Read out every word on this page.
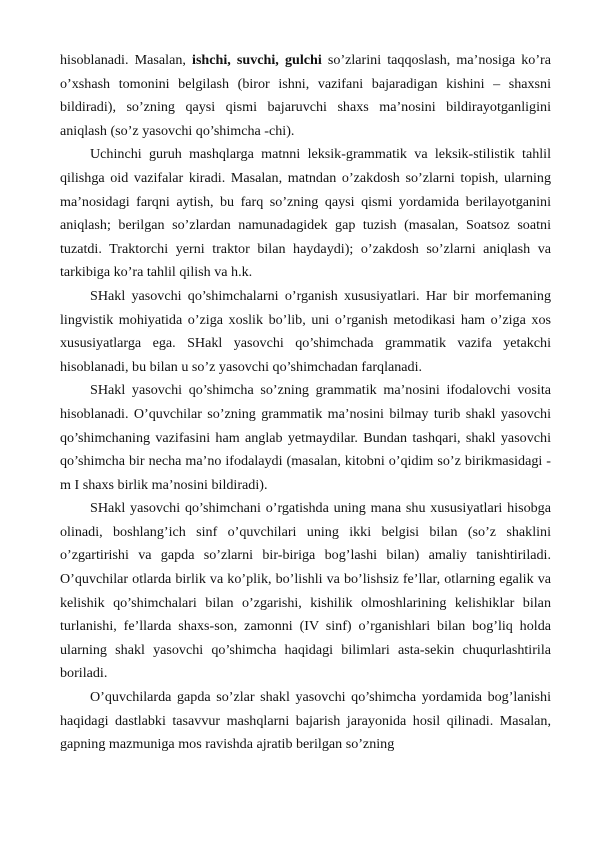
hisoblanadi. Masalan, ishchi, suvchi, gulchi so’zlarini taqqoslash, ma’nosiga ko’ra o’xshash tomonini belgilash (biror ishni, vazifani bajaradigan kishini – shaxsni bildiradi), so’zning qaysi qismi bajaruvchi shaxs ma’nosini bildirayotganligini aniqlash (so’z yasovchi qo’shimcha -chi).

Uchinchi guruh mashqlarga matnni leksik-grammatik va leksik-stilistik tahlil qilishga oid vazifalar kiradi. Masalan, matndan o’zakdosh so’zlarni topish, ularning ma’nosidagi farqni aytish, bu farq so’zning qaysi qismi yordamida berilayotganini aniqlash; berilgan so’zlardan namunadagidek gap tuzish (masalan, Soatsoz soatni tuzatdi. Traktorchi yerni traktor bilan haydaydi); o’zakdosh so’zlarni aniqlash va tarkibiga ko’ra tahlil qilish va h.k.

SHakl yasovchi qo’shimchalarni o’rganish xususiyatlari. Har bir morfemaning lingvistik mohiyatida o’ziga xoslik bo’lib, uni o’rganish metodikasi ham o’ziga xos xususiyatlarga ega. SHakl yasovchi qo’shimchada grammatik vazifa yetakchi hisoblanadi, bu bilan u so’z yasovchi qo’shimchadan farqlanadi.

SHakl yasovchi qo’shimcha so’zning grammatik ma’nosini ifodalovchi vosita hisoblanadi. O’quvchilar so’zning grammatik ma’nosini bilmay turib shakl yasovchi qo’shimchaning vazifasini ham anglab yetmaydilar. Bundan tashqari, shakl yasovchi qo’shimcha bir necha ma’no ifodalaydi (masalan, kitobni o’qidim so’z birikmasidagi -m I shaxs birlik ma’nosini bildiradi).

SHakl yasovchi qo’shimchani o’rgatishda uning mana shu xususiyatlari hisobga olinadi, boshlang’ich sinf o’quvchilari uning ikki belgisi bilan (so’z shaklini o’zgartirishi va gapda so’zlarni bir-biriga bog’lashi bilan) amaliy tanishtiriladi. O’quvchilar otlarda birlik va ko’plik, bo’lishli va bo’lishsiz fe’llar, otlarning egalik va kelishik qo’shimchalari bilan o’zgarishi, kishilik olmoshlarining kelishiklar bilan turlanishi, fe’llarda shaxs-son, zamonni (IV sinf) o’rganishlari bilan bog’liq holda ularning shakl yasovchi qo’shimcha haqidagi bilimlari asta-sekin chuqurlashtirila boriladi.

O’quvchilarda gapda so’zlar shakl yasovchi qo’shimcha yordamida bog’lanishi haqidagi dastlabki tasavvur mashqlarni bajarish jarayonida hosil qilinadi. Masalan, gapning mazmuniga mos ravishda ajratib berilgan so’zning
